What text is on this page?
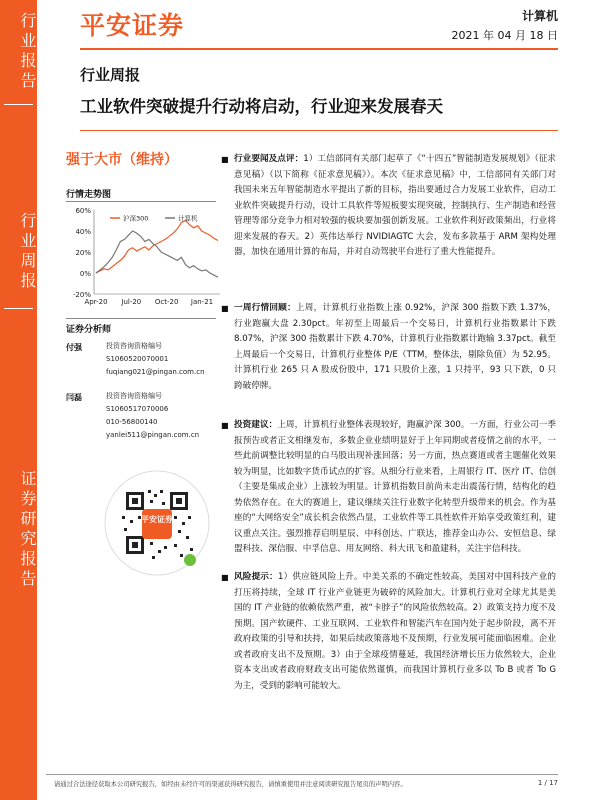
行业报告
行业周报
证券研究报告
平安证券	计算机
2021 年 04 月 18 日
行业周报
工业软件突破提升行动将启动，行业迎来发展春天
强于大市（维持）
行情走势图
60%
40%
20%
0%
-20%
Apr-20 Jul-20 Oct-20 Jan-21
沪深300	计算机
证券分析师
付强	投资咨询资格编号
S1060520070001
fuqiang021@pingan.com.cn
闫磊	投资咨询资格编号
S1060517070006
010-56800140
yanlei511@pingan.com.cn
平安证券
■ 行业要闻及点评：1）工信部同有关部门起草了《“十四五”智能制造发展规划》（征求意见稿）（以下简称《征求意见稿》）。本次《征求意见稿》中，工信部同有关部门对我国未来五年智能制造水平提出了新的目标，指出要通过合力发展工业软件，启动工业软件突破提升行动，设计工具软件等短板要实现突破，控制执行、生产制造和经营管理等部分竞争力相对较强的板块要加强创新发展。工业软件利好政策频出，行业将迎来发展的春天。2）英伟达举行 NVIDIAGTC 大会，发布多款基于 ARM 架构处理器，加快在通用计算的布局，并对自动驾驶平台进行了重大性能提升。
■ 一周行情回顾：上周，计算机行业指数上涨 0.92%，沪深 300 指数下跌 1.37%，行业跑赢大盘 2.30pct。年初至上周最后一个交易日，计算机行业指数累计下跌 8.07%，沪深 300 指数累计下跌 4.70%，计算机行业指数累计跑输 3.37pct。截至上周最后一个交易日，计算机行业整体 P/E（TTM，整体法，剔除负值）为 52.95。计算机行业 265 只 A 股成份股中，171 只股价上涨，1 只持平，93 只下跌，0 只跨破停牌。
■ 投资建议：上周，计算机行业整体表现较好，跑赢沪深 300。一方面，行业公司一季报预告或者正文相继发布，多数企业业绩明显好于上年同期或者疫情之前的水平，一些此前调整比较明显的白马股出现补涨回落；另一方面，热点赛道或者主题催化效果较为明显，比如数字货币试点的扩容。从细分行业来看，上周银行 IT、医疗 IT、信创（主要是集成企业）上涨较为明显。计算机指数目前尚未走出震荡行情，结构化的趋势依然存在。在大的赛道上，建议继续关注行业数字化转型升级带来的机会。作为基座的“大网络安全”成长机会依然凸显，工业软件等工具性软件开始享受政策红利，建议重点关注。强烈推荐启明星辰、中科创达、广联达，推荐金山办公、安恒信息、绿盟科技、深信服、中孚信息、用友网络、科大讯飞和盈建科，关注宇信科技。
■ 风险提示：1）供应链风险上升。中美关系的不确定性较高，美国对中国科技产业的打压将持续，全球 IT 行业产业链更为破碎的风险加大。计算机行业对全球尤其是美国的 IT 产业链的依赖依然严重，被“卡脖子”的风险依然较高。2）政策支持力度不及预期。国产软硬件、工业互联网、工业软件和智能汽车在国内处于起步阶段，离不开政府政策的引导和扶持，如果后续政策落地不及预期，行业发展可能面临困难。企业或者政府支出不及预期。3）由于全球疫情蔓延，我国经济增长压力依然较大，企业资本支出或者政府财政支出可能依然谨慎，而我国计算机行业多以 To B 或者 To G 为主，受到的影响可能较大。
请通过合法途径获取本公司研究报告，如经由未经许可的渠道获得研究报告，请慎重使用并注意阅读研究报告尾页的声明内容。	1 / 17
